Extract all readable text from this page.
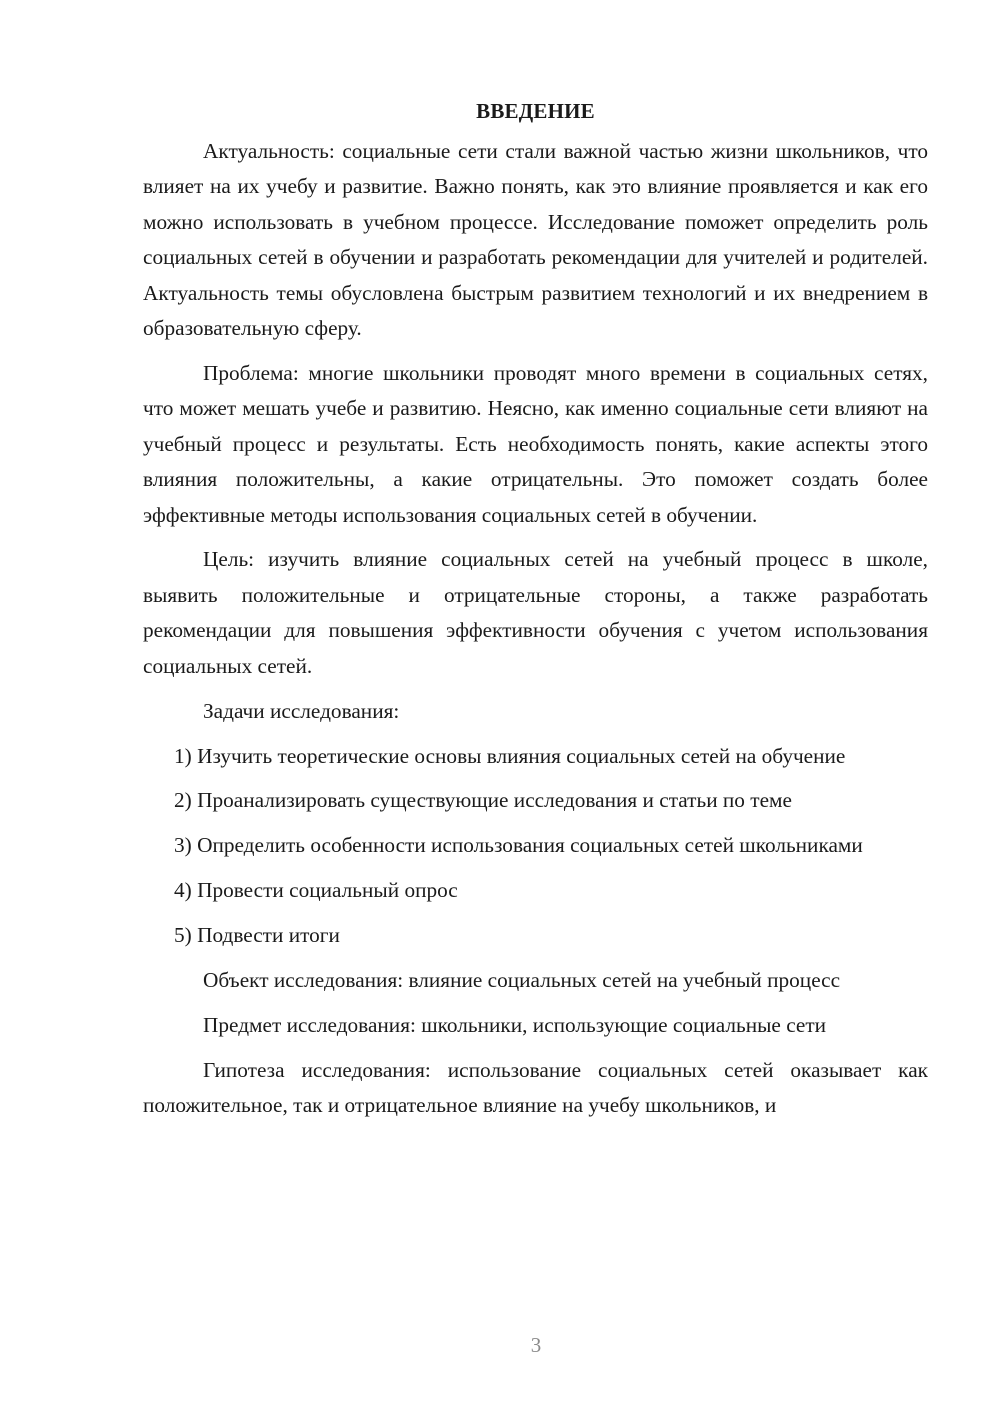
ВВЕДЕНИЕ

Актуальность: социальные сети стали важной частью жизни школьников, что влияет на их учебу и развитие. Важно понять, как это влияние проявляется и как его можно использовать в учебном процессе. Исследование поможет определить роль социальных сетей в обучении и разработать рекомендации для учителей и родителей. Актуальность темы обусловлена быстрым развитием технологий и их внедрением в образовательную сферу.

Проблема: многие школьники проводят много времени в социальных сетях, что может мешать учебе и развитию. Неясно, как именно социальные сети влияют на учебный процесс и результаты. Есть необходимость понять, какие аспекты этого влияния положительны, а какие отрицательны. Это поможет создать более эффективные методы использования социальных сетей в обучении.

Цель: изучить влияние социальных сетей на учебный процесс в школе, выявить положительные и отрицательные стороны, а также разработать рекомендации для повышения эффективности обучения с учетом использования социальных сетей.

Задачи исследования:

1) Изучить теоретические основы влияния социальных сетей на обучение

2) Проанализировать существующие исследования и статьи по теме

3) Определить особенности использования социальных сетей школьниками

4) Провести социальный опрос

5) Подвести итоги

Объект исследования: влияние социальных сетей на учебный процесс

Предмет исследования: школьники, использующие социальные сети

Гипотеза исследования: использование социальных сетей оказывает как положительное, так и отрицательное влияние на учебу школьников, и

3
